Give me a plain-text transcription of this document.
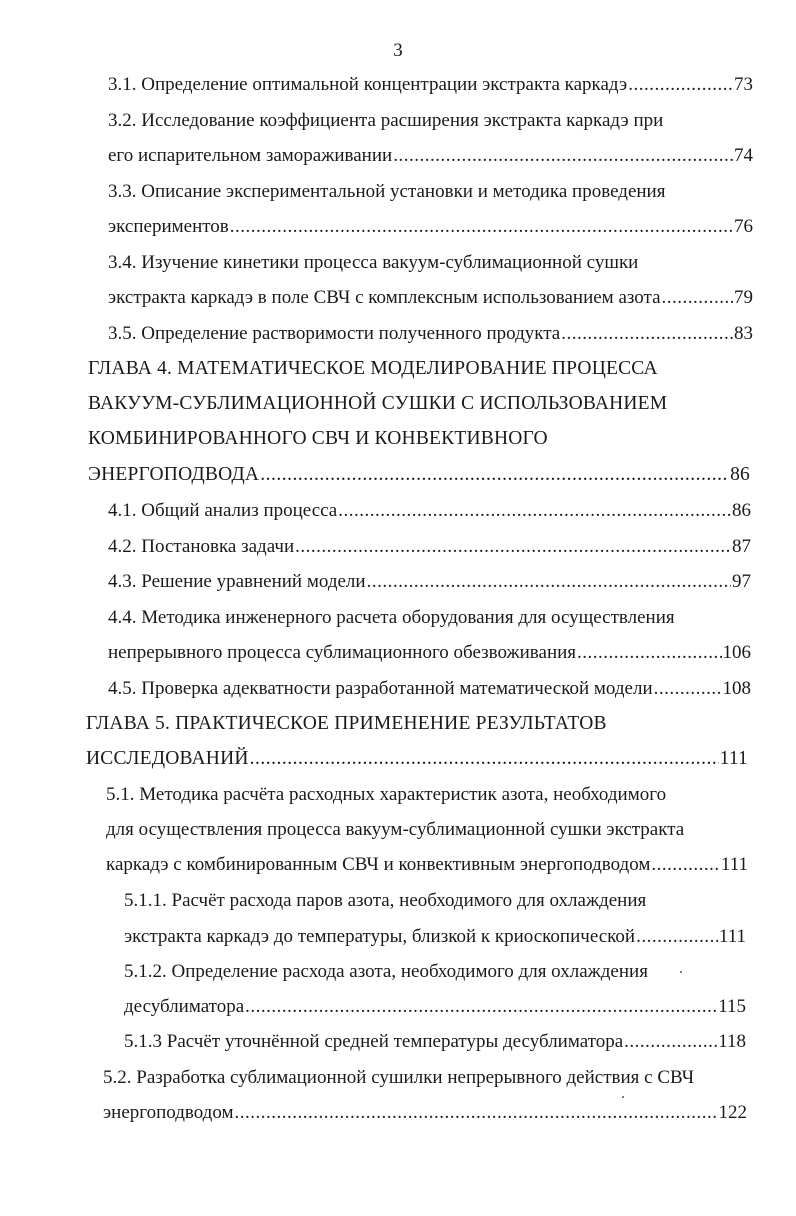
3
3.1. Определение оптимальной концентрации экстракта каркадэ .....	73
3.2. Исследование коэффициента расширения экстракта каркадэ при
его испарительном замораживании .....	74
3.3. Описание экспериментальной установки и методика проведения
экспериментов .....	76
3.4. Изучение кинетики процесса вакуум-сублимационной сушки
экстракта каркадэ в поле СВЧ с комплексным использованием азота .....	79
3.5. Определение растворимости полученного продукта .....	83
ГЛАВА 4. МАТЕМАТИЧЕСКОЕ МОДЕЛИРОВАНИЕ ПРОЦЕССА
ВАКУУМ-СУБЛИМАЦИОННОЙ СУШКИ С ИСПОЛЬЗОВАНИЕМ
КОМБИНИРОВАННОГО СВЧ И КОНВЕКТИВНОГО
ЭНЕРГОПОДВОДА .....	86
4.1. Общий анализ процесса .....	86
4.2. Постановка задачи .....	87
4.3. Решение уравнений модели .....	97
4.4. Методика инженерного расчета оборудования для осуществления
непрерывного процесса сублимационного обезвоживания .....	106
4.5. Проверка адекватности разработанной математической модели .....	108
ГЛАВА 5. ПРАКТИЧЕСКОЕ ПРИМЕНЕНИЕ РЕЗУЛЬТАТОВ
ИССЛЕДОВАНИЙ .....	111
5.1. Методика расчёта расходных характеристик азота, необходимого
для осуществления процесса вакуум-сублимационной сушки экстракта
каркадэ с комбинированным СВЧ и конвективным энергоподводом .....	111
5.1.1. Расчёт расхода паров азота, необходимого для охлаждения
экстракта каркадэ до температуры, близкой к криоскопической .....	111
5.1.2. Определение расхода азота, необходимого для охлаждения
десублиматора .....	115
5.1.3 Расчёт уточнённой средней температуры десублиматора .....	118
5.2. Разработка сублимационной сушилки непрерывного действия с СВЧ
энергоподводом .....	122
